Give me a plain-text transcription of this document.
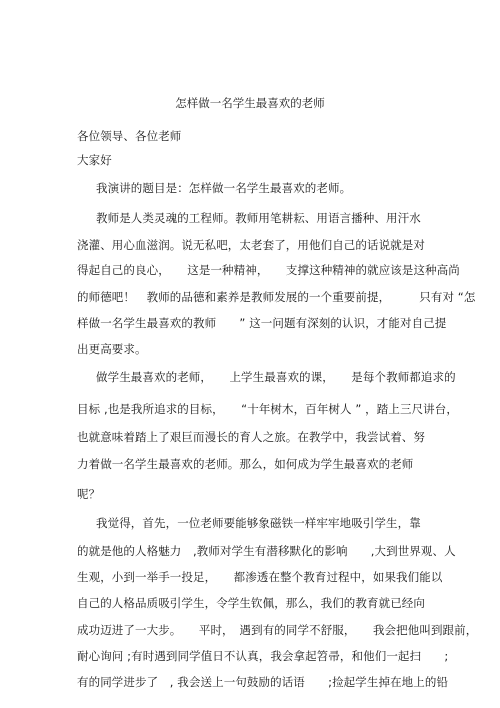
怎样做一名学生最喜欢的老师
各位领导、各位老师
大家好
我演讲的题目是：怎样做一名学生最喜欢的老师。
教师是人类灵魂的工程师。教师用笔耕耘、用语言播种、用汗水
浇灌、用心血滋润。说无私吧，太老套了，用他们自己的话说就是对
得起自己的良心，　　这是一种精神，　　支撑这种精神的就应该是这种高尚
的师德吧！　教师的品德和素养是教师发展的一个重要前提，　　　只有对 “怎
样做一名学生最喜欢的教师　　” 这一问题有深刻的认识，才能对自己提
出更高要求。
做学生最喜欢的老师，　　上学生最喜欢的课，　　是每个教师都追求的
目标 ,也是我所追求的目标，　　“十年树木，百年树人 ” ，踏上三尺讲台，
也就意味着踏上了艰巨而漫长的育人之旅。在教学中，我尝试着、努
力着做一名学生最喜欢的老师。那么，如何成为学生最喜欢的老师
呢？
我觉得，首先，一位老师要能够象磁铁一样牢牢地吸引学生，靠
的就是他的人格魅力　,教师对学生有潜移默化的影响　　,大到世界观、人
生观，小到一举手一投足，　　都渗透在整个教育过程中，如果我们能以
自己的人格品质吸引学生，令学生钦佩，那么，我们的教育就已经向
成功迈进了一大步。　　平时，　遇到有的同学不舒服，　　我会把他叫到跟前，
耐心询问 ;有时遇到同学值日不认真，我会拿起笤帚，和他们一起扫　　;
有的同学进步了　, 我会送上一句鼓励的话语　　;捡起学生掉在地上的铅
